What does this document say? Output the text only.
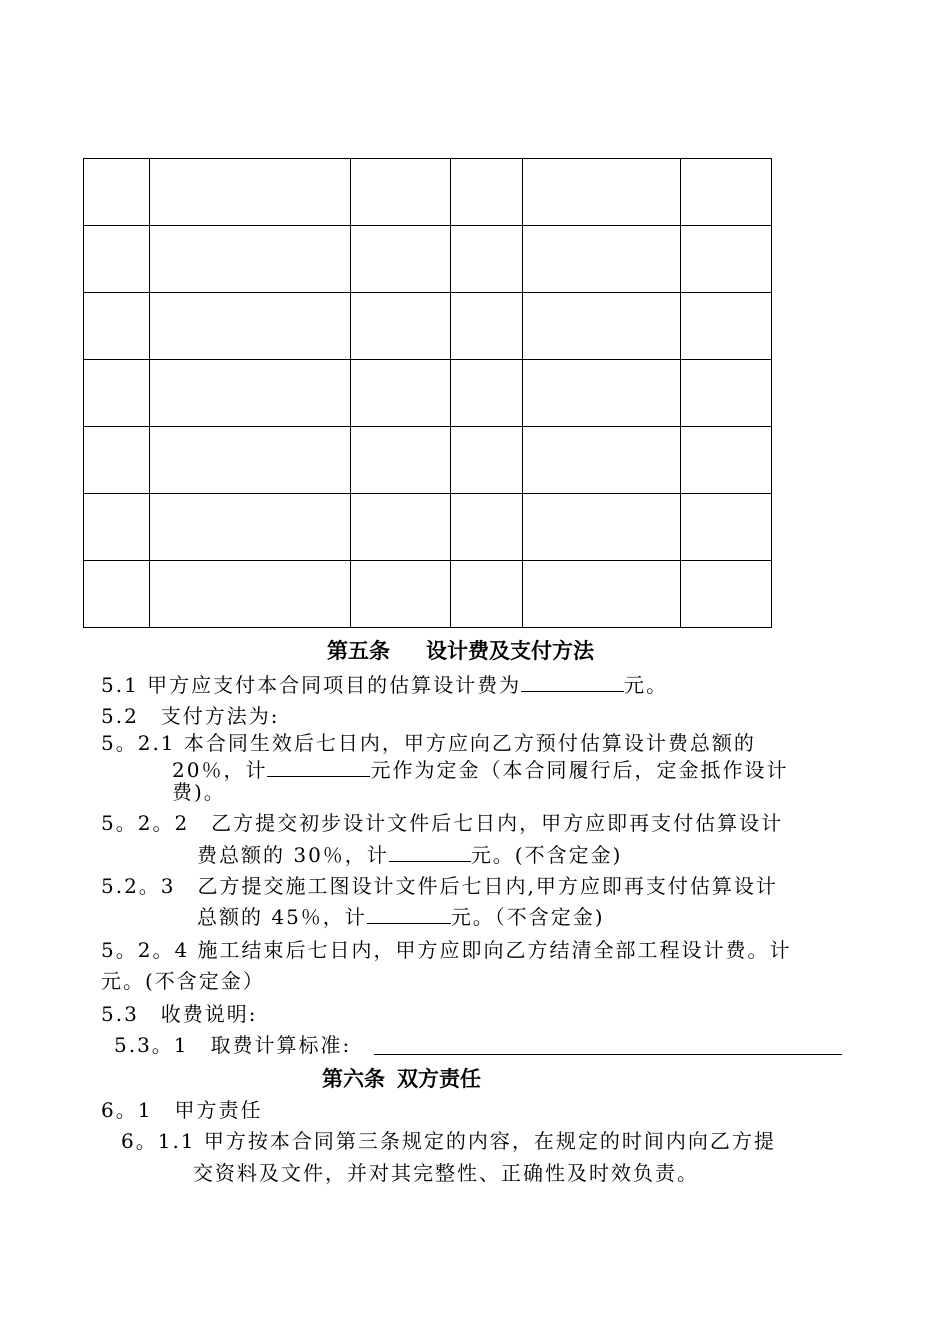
第五条 设计费及支付方法
5.1 甲方应支付本合同项目的估算设计费为	元。
5.2　支付方法为:
5。2.1 本合同生效后七日内，甲方应向乙方预付估算设计费总额的
20％，计	元作为定金（本合同履行后，定金抵作设计
费)。
5。2。2　乙方提交初步设计文件后七日内，甲方应即再支付估算设计
费总额的 30％，计	元。(不含定金)
5.2。3　乙方提交施工图设计文件后七日内,甲方应即再支付估算设计
总额的 45％，计	元。（不含定金)
5。2。4 施工结束后七日内，甲方应即向乙方结清全部工程设计费。计
元。(不含定金）
5.3　收费说明:
5.3。1　取费计算标准:
第六条 双方责任
6。1　甲方责任
6。1.1 甲方按本合同第三条规定的内容，在规定的时间内向乙方提
交资料及文件，并对其完整性、正确性及时效负责。
